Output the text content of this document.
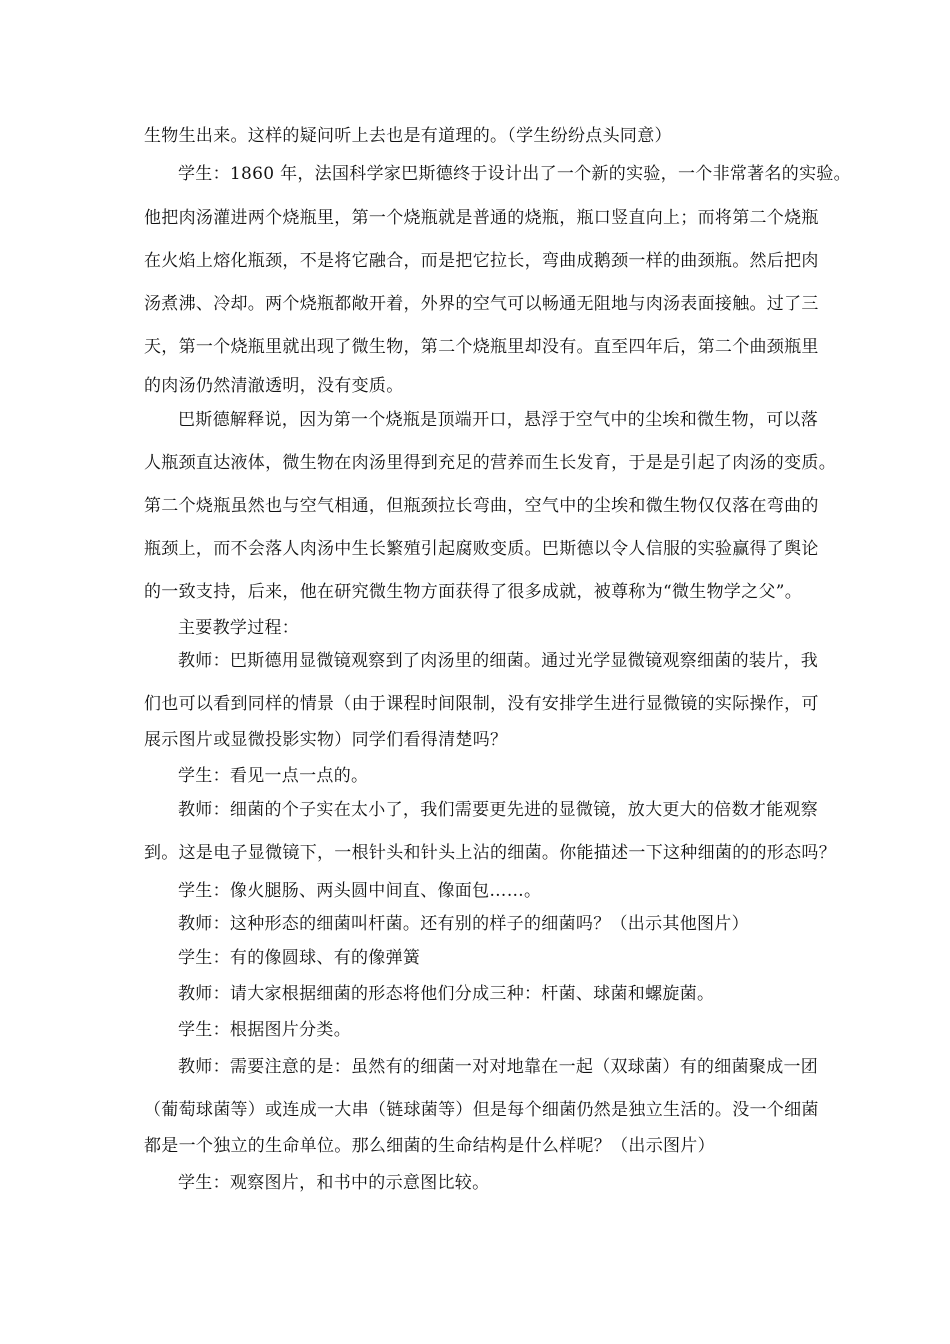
生物生出来。这样的疑问听上去也是有道理的。（学生纷纷点头同意）
学生：1860 年，法国科学家巴斯德终于设计出了一个新的实验，一个非常著名的实验。
他把肉汤灌进两个烧瓶里，第一个烧瓶就是普通的烧瓶，瓶口竖直向上；而将第二个烧瓶
在火焰上熔化瓶颈，不是将它融合，而是把它拉长，弯曲成鹅颈一样的曲颈瓶。然后把肉
汤煮沸、冷却。两个烧瓶都敞开着，外界的空气可以畅通无阻地与肉汤表面接触。过了三
天，第一个烧瓶里就出现了微生物，第二个烧瓶里却没有。直至四年后，第二个曲颈瓶里
的肉汤仍然清澈透明，没有变质。
巴斯德解释说，因为第一个烧瓶是顶端开口，悬浮于空气中的尘埃和微生物，可以落
人瓶颈直达液体，微生物在肉汤里得到充足的营养而生长发育，于是是引起了肉汤的变质。
第二个烧瓶虽然也与空气相通，但瓶颈拉长弯曲，空气中的尘埃和微生物仅仅落在弯曲的
瓶颈上，而不会落人肉汤中生长繁殖引起腐败变质。巴斯德以令人信服的实验赢得了舆论
的一致支持，后来，他在研究微生物方面获得了很多成就，被尊称为“微生物学之父”。
主要教学过程：
教师：巴斯德用显微镜观察到了肉汤里的细菌。通过光学显微镜观察细菌的装片，我
们也可以看到同样的情景（由于课程时间限制，没有安排学生进行显微镜的实际操作，可
展示图片或显微投影实物）同学们看得清楚吗？
学生：看见一点一点的。
教师：细菌的个子实在太小了，我们需要更先进的显微镜，放大更大的倍数才能观察
到。这是电子显微镜下，一根针头和针头上沾的细菌。你能描述一下这种细菌的的形态吗？
学生：像火腿肠、两头圆中间直、像面包……。
教师：这种形态的细菌叫杆菌。还有别的样子的细菌吗？（出示其他图片）
学生：有的像圆球、有的像弹簧
教师：请大家根据细菌的形态将他们分成三种：杆菌、球菌和螺旋菌。
学生：根据图片分类。
教师：需要注意的是：虽然有的细菌一对对地靠在一起（双球菌）有的细菌聚成一团
（葡萄球菌等）或连成一大串（链球菌等）但是每个细菌仍然是独立生活的。没一个细菌
都是一个独立的生命单位。那么细菌的生命结构是什么样呢？（出示图片）
学生：观察图片，和书中的示意图比较。
